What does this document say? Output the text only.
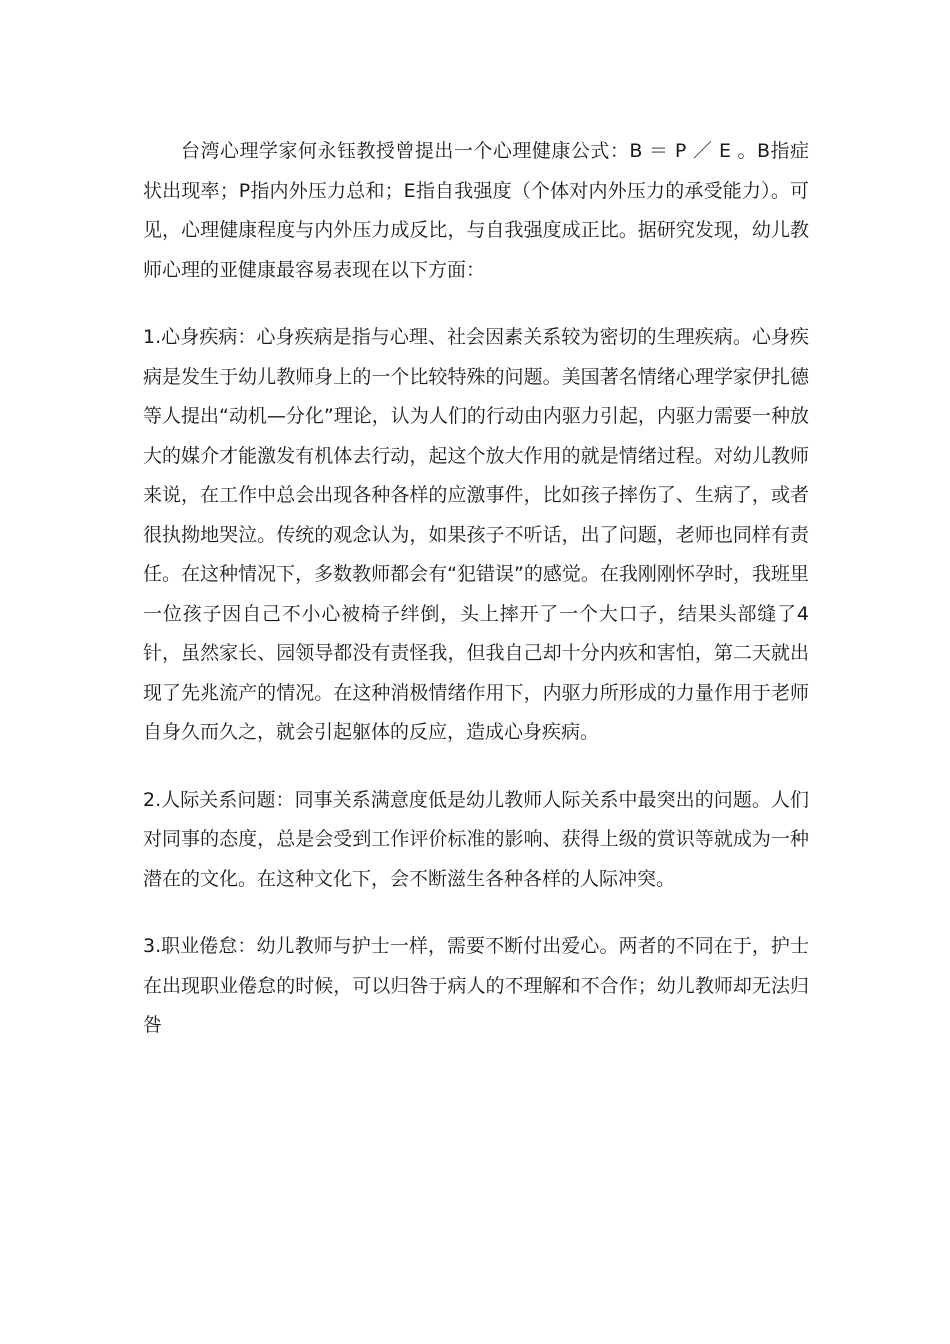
台湾心理学家何永钰教授曾提出一个心理健康公式：B ＝ P ／ E 。B指症状出现率；P指内外压力总和；E指自我强度（个体对内外压力的承受能力）。可见，心理健康程度与内外压力成反比，与自我强度成正比。据研究发现，幼儿教师心理的亚健康最容易表现在以下方面：

1.心身疾病：心身疾病是指与心理、社会因素关系较为密切的生理疾病。心身疾病是发生于幼儿教师身上的一个比较特殊的问题。美国著名情绪心理学家伊扎德等人提出“动机—分化”理论，认为人们的行动由内驱力引起，内驱力需要一种放大的媒介才能激发有机体去行动，起这个放大作用的就是情绪过程。对幼儿教师来说，在工作中总会出现各种各样的应激事件，比如孩子摔伤了、生病了，或者很执拗地哭泣。传统的观念认为，如果孩子不听话，出了问题，老师也同样有责任。在这种情况下，多数教师都会有“犯错误”的感觉。在我刚刚怀孕时，我班里一位孩子因自己不小心被椅子绊倒，头上摔开了一个大口子，结果头部缝了4针，虽然家长、园领导都没有责怪我，但我自己却十分内疚和害怕，第二天就出现了先兆流产的情况。在这种消极情绪作用下，内驱力所形成的力量作用于老师自身久而久之，就会引起躯体的反应，造成心身疾病。

2.人际关系问题：同事关系满意度低是幼儿教师人际关系中最突出的问题。人们对同事的态度，总是会受到工作评价标准的影响、获得上级的赏识等就成为一种潜在的文化。在这种文化下，会不断滋生各种各样的人际冲突。

3.职业倦怠：幼儿教师与护士一样，需要不断付出爱心。两者的不同在于，护士在出现职业倦怠的时候，可以归咎于病人的不理解和不合作；幼儿教师却无法归咎
